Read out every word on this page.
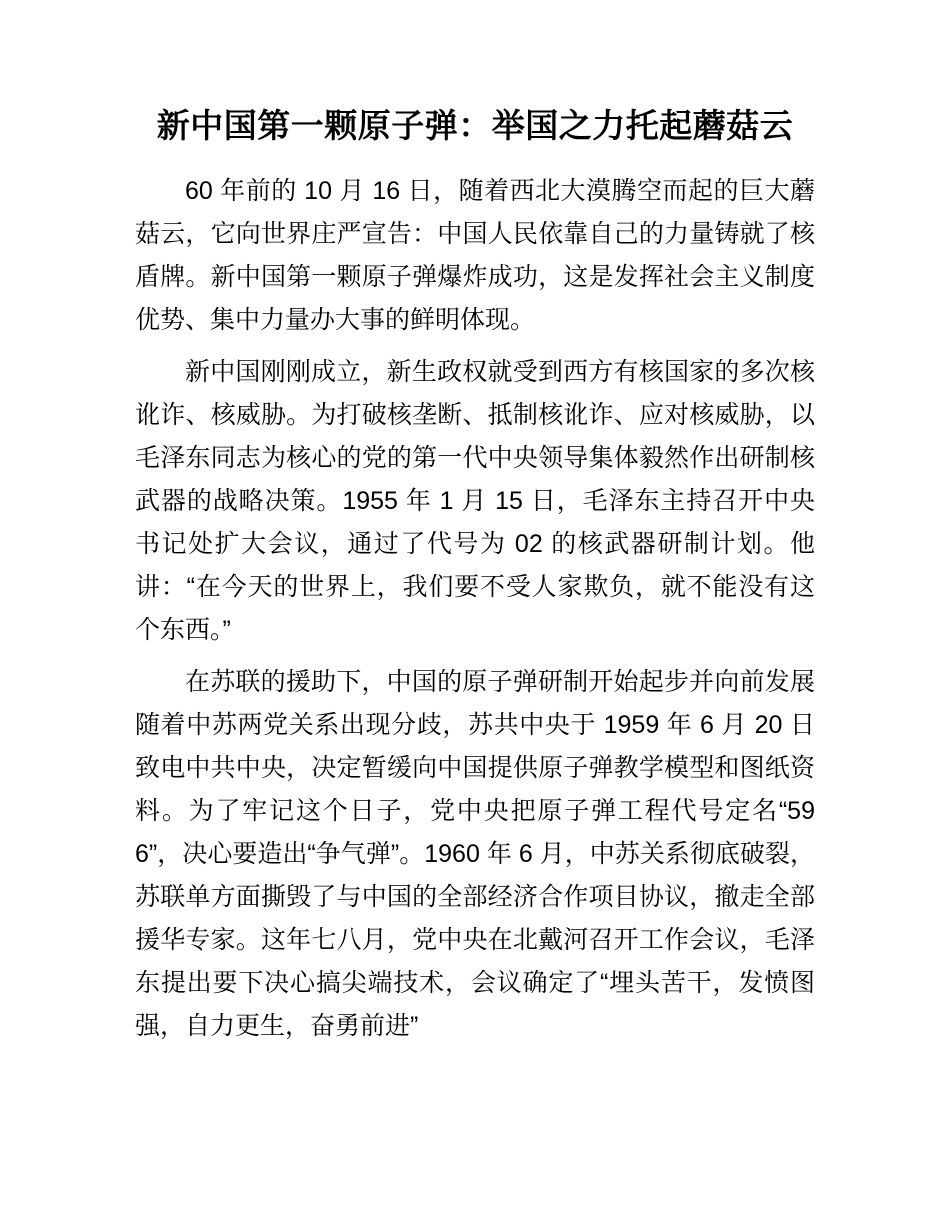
新中国第一颗原子弹：举国之力托起蘑菇云

60 年前的 10 月 16 日，随着西北大漠腾空而起的巨大蘑菇云，它向世界庄严宣告：中国人民依靠自己的力量铸就了核盾牌。新中国第一颗原子弹爆炸成功，这是发挥社会主义制度优势、集中力量办大事的鲜明体现。

新中国刚刚成立，新生政权就受到西方有核国家的多次核讹诈、核威胁。为打破核垄断、抵制核讹诈、应对核威胁，以毛泽东同志为核心的党的第一代中央领导集体毅然作出研制核武器的战略决策。1955 年 1 月 15 日，毛泽东主持召开中央书记处扩大会议，通过了代号为 02 的核武器研制计划。他讲：“在今天的世界上，我们要不受人家欺负，就不能没有这个东西。”

在苏联的援助下，中国的原子弹研制开始起步并向前发展随着中苏两党关系出现分歧，苏共中央于 1959 年 6 月 20 日致电中共中央，决定暂缓向中国提供原子弹教学模型和图纸资料。为了牢记这个日子，党中央把原子弹工程代号定名“596”，决心要造出“争气弹”。1960 年 6 月，中苏关系彻底破裂，苏联单方面撕毁了与中国的全部经济合作项目协议，撤走全部援华专家。这年七八月，党中央在北戴河召开工作会议，毛泽东提出要下决心搞尖端技术，会议确定了“埋头苦干，发愤图强，自力更生，奋勇前进”
